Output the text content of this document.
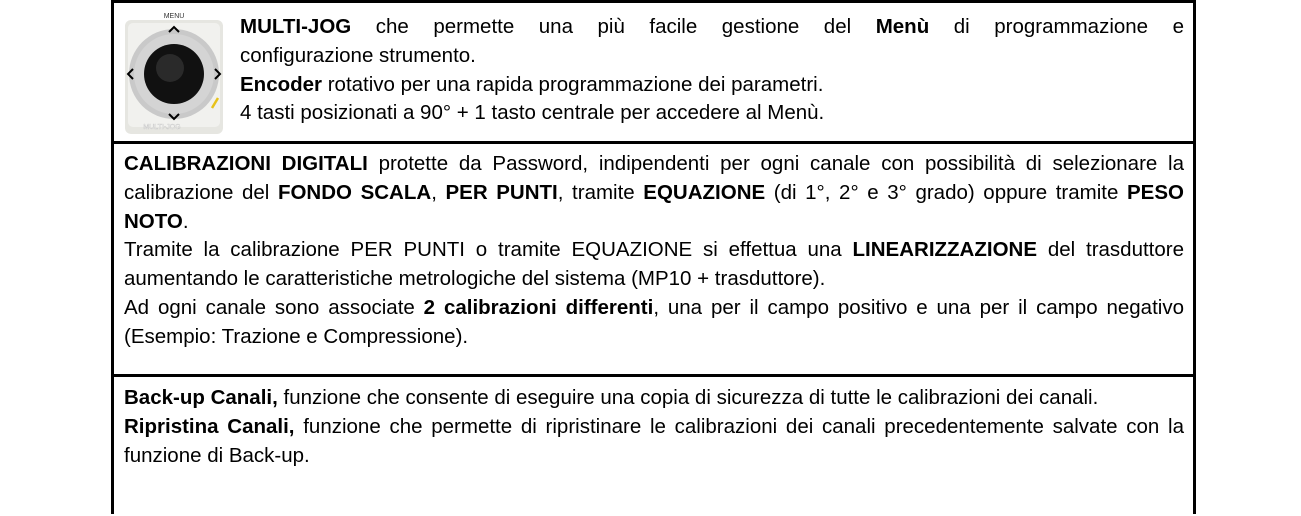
MENU
MULTI-JOG

MULTI-JOG che permette una più facile gestione del Menù di programmazione e

configurazione strumento.

Encoder rotativo per una rapida programmazione dei parametri.

4 tasti posizionati a 90° + 1 tasto centrale per accedere al Menù.

CALIBRAZIONI DIGITALI protette da Password, indipendenti per ogni canale con possibilità di selezionare la calibrazione del FONDO SCALA, PER PUNTI, tramite EQUAZIONE (di 1°, 2° e 3° grado) oppure tramite PESO NOTO.

Tramite la calibrazione PER PUNTI o tramite EQUAZIONE si effettua una LINEARIZZAZIONE del trasduttore aumentando le caratteristiche metrologiche del sistema (MP10 + trasduttore).

Ad ogni canale sono associate 2 calibrazioni differenti, una per il campo positivo e una per il campo negativo (Esempio: Trazione e Compressione).

Back-up Canali, funzione che consente di eseguire una copia di sicurezza di tutte le calibrazioni dei canali.

Ripristina Canali, funzione che permette di ripristinare le calibrazioni dei canali precedentemente salvate con la funzione di Back-up.
